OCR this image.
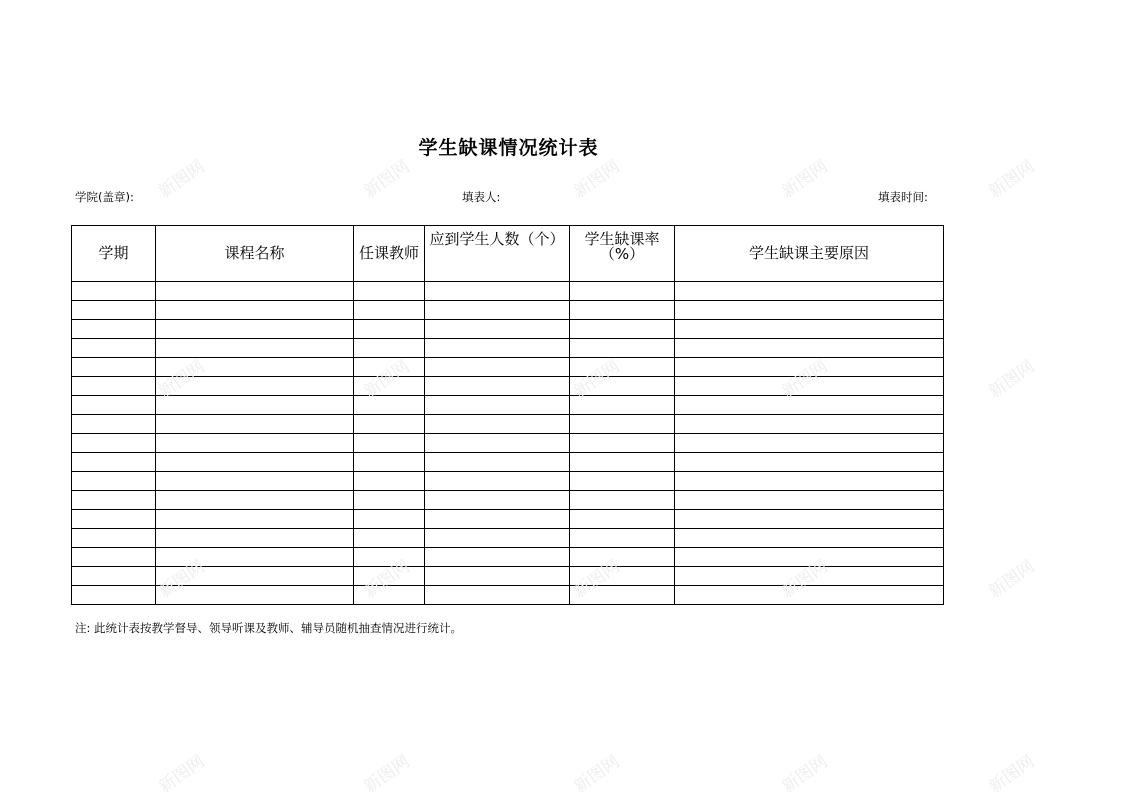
学生缺课情况统计表
学院(盖章):	填表人:	填表时间:
学期	课程名称	任课教师	应到学生人数（个）	学生缺课率（%）	学生缺课主要原因

注: 此统计表按教学督导、领导听课及教师、辅导员随机抽查情况进行统计。
新图网	新图网	新图网	新图网	新图网
新图网	新图网	新图网	新图网	新图网
新图网	新图网	新图网	新图网	新图网
新图网	新图网	新图网	新图网	新图网
